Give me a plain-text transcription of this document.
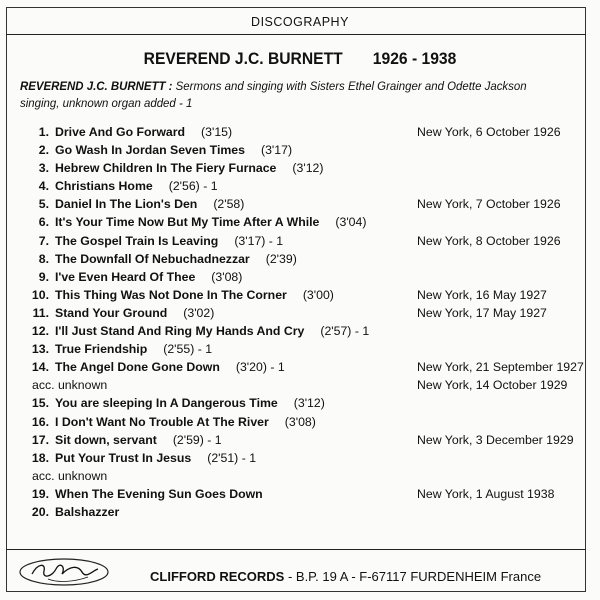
DISCOGRAPHY
REVEREND J.C. BURNETT 1926 - 1938
REVEREND J.C. BURNETT : Sermons and singing with Sisters Ethel Grainger and Odette Jackson singing, unknown organ added - 1
1. Drive And Go Forward (3'15)	New York, 6 October 1926
2. Go Wash In Jordan Seven Times (3'17)
3. Hebrew Children In The Fiery Furnace (3'12)
4. Christians Home (2'56) - 1
5. Daniel In The Lion's Den (2'58)	New York, 7 October 1926
6. It's Your Time Now But My Time After A While (3'04)
7. The Gospel Train Is Leaving (3'17) - 1	New York, 8 October 1926
8. The Downfall Of Nebuchadnezzar (2'39)
9. I've Even Heard Of Thee (3'08)
10. This Thing Was Not Done In The Corner (3'00)	New York, 16 May 1927
11. Stand Your Ground (3'02)	New York, 17 May 1927
12. I'll Just Stand And Ring My Hands And Cry (2'57) - 1
13. True Friendship (2'55) - 1
14. The Angel Done Gone Down (3'20) - 1	New York, 21 September 1927
acc. unknown	New York, 14 October 1929
15. You are sleeping In A Dangerous Time (3'12)
16. I Don't Want No Trouble At The River (3'08)
17. Sit down, servant (2'59) - 1	New York, 3 December 1929
18. Put Your Trust In Jesus (2'51) - 1
acc. unknown
19. When The Evening Sun Goes Down	New York, 1 August 1938
20. Balshazzer
CLIFFORD RECORDS - B.P. 19 A - F-67117 FURDENHEIM France
